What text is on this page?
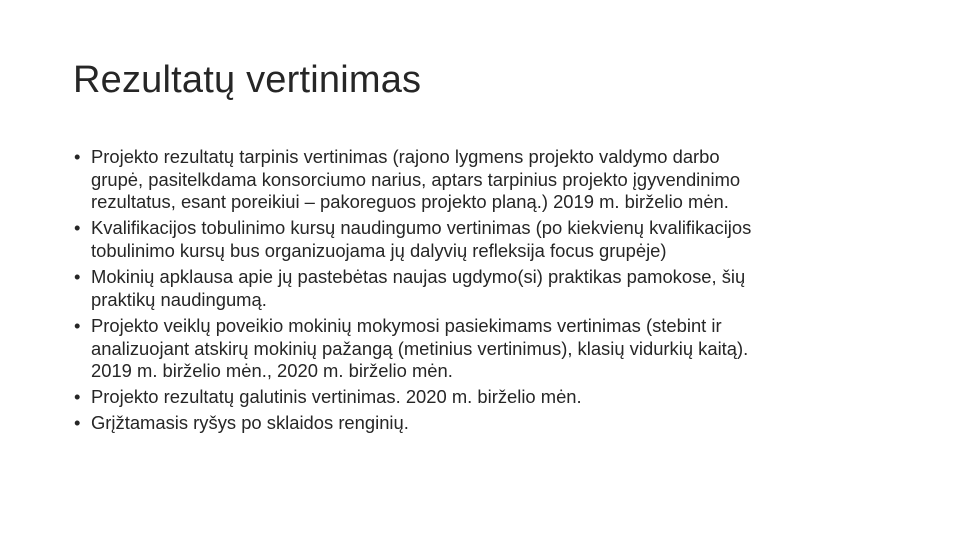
Rezultatų vertinimas
• Projekto rezultatų tarpinis vertinimas (rajono lygmens projekto valdymo darbo
grupė, pasitelkdama konsorciumo narius, aptars tarpinius projekto įgyvendinimo
rezultatus, esant poreikiui – pakoreguos projekto planą.) 2019 m. birželio mėn.
• Kvalifikacijos tobulinimo kursų naudingumo vertinimas (po kiekvienų kvalifikacijos
tobulinimo kursų bus organizuojama jų dalyvių refleksija focus grupėje)
• Mokinių apklausa apie jų pastebėtas naujas ugdymo(si) praktikas pamokose, šių
praktikų naudingumą.
• Projekto veiklų poveikio mokinių mokymosi pasiekimams vertinimas (stebint ir
analizuojant atskirų mokinių pažangą (metinius vertinimus), klasių vidurkių kaitą).
2019 m. birželio mėn., 2020 m. birželio mėn.
• Projekto rezultatų galutinis vertinimas. 2020 m. birželio mėn.
• Grįžtamasis ryšys po sklaidos renginių.
